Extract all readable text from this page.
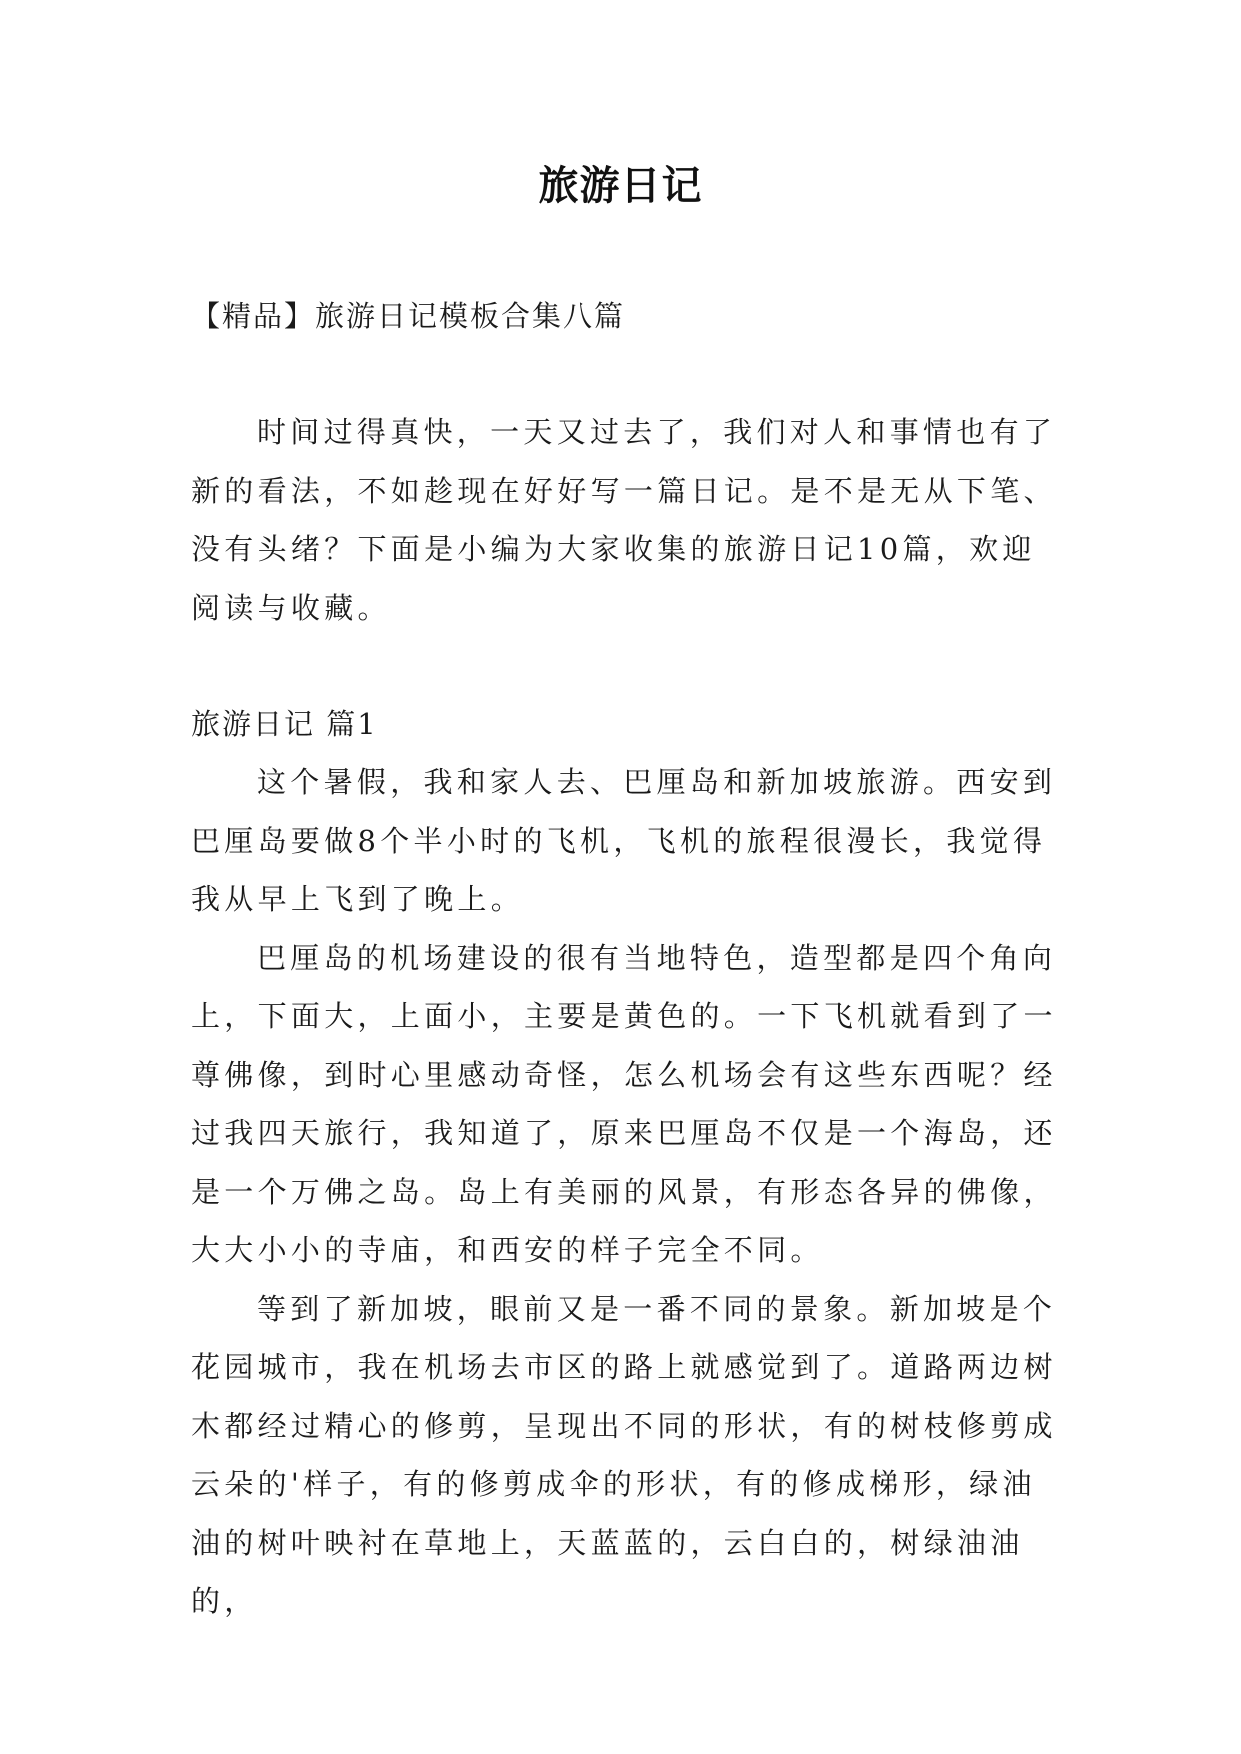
旅游日记
【精品】旅游日记模板合集八篇

时间过得真快，一天又过去了，我们对人和事情也有了新的看法，不如趁现在好好写一篇日记。是不是无从下笔、没有头绪？下面是小编为大家收集的旅游日记10篇，欢迎阅读与收藏。

旅游日记 篇1

这个暑假，我和家人去、巴厘岛和新加坡旅游。西安到巴厘岛要做8个半小时的飞机，飞机的旅程很漫长，我觉得我从早上飞到了晚上。

巴厘岛的机场建设的很有当地特色，造型都是四个角向上，下面大，上面小，主要是黄色的。一下飞机就看到了一尊佛像，到时心里感动奇怪，怎么机场会有这些东西呢？经过我四天旅行，我知道了，原来巴厘岛不仅是一个海岛，还是一个万佛之岛。岛上有美丽的风景，有形态各异的佛像，大大小小的寺庙，和西安的样子完全不同。

等到了新加坡，眼前又是一番不同的景象。新加坡是个花园城市，我在机场去市区的路上就感觉到了。道路两边树木都经过精心的修剪，呈现出不同的形状，有的树枝修剪成云朵的'样子，有的修剪成伞的形状，有的修成梯形，绿油油的树叶映衬在草地上，天蓝蓝的，云白白的，树绿油油的，
